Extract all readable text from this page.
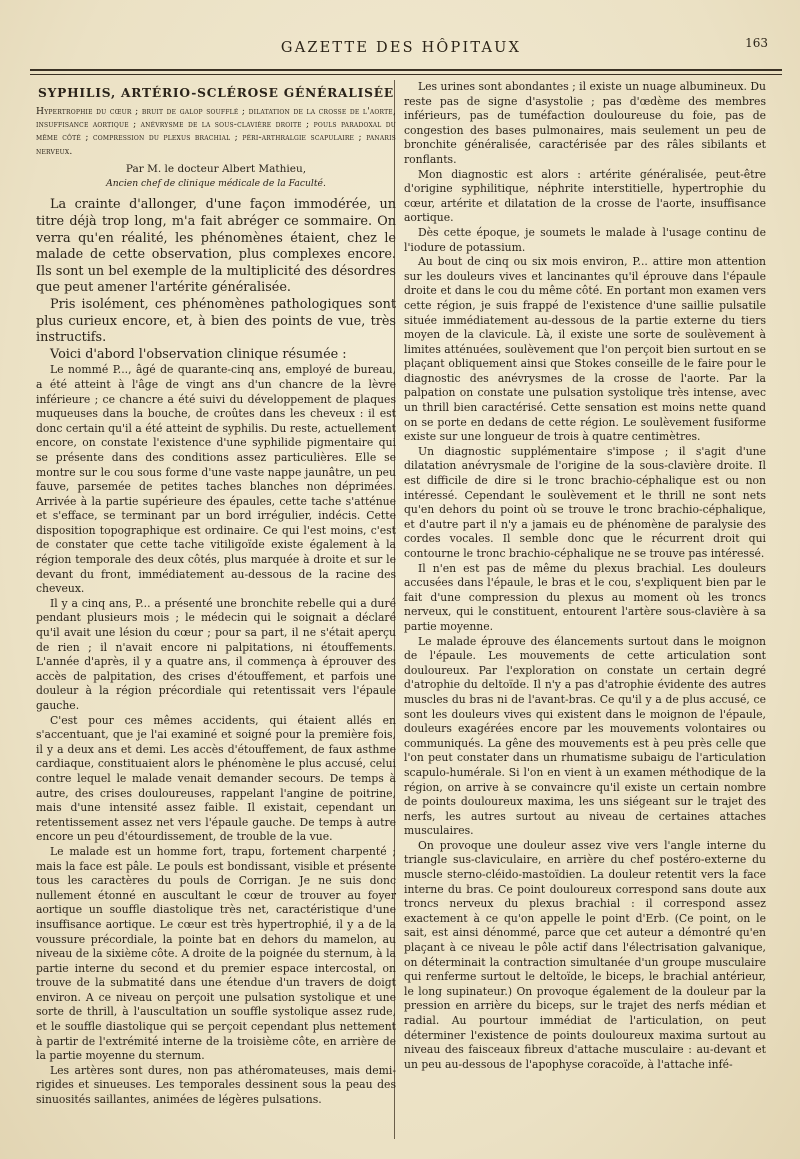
GAZETTE DES HÔPITAUX	163
SYPHILIS, ARTÉRIO-SCLÉROSE GÉNÉRALISÉE
Hypertrophie du cœur ; bruit de galop soufflé ; dilatation de la crosse de l'aorte, insuffisance aortique ; anévrysme de la sous-clavière droite ; pouls paradoxal du même côté ; compression du plexus brachial ; péri-arthralgie scapulaire ; panaris nerveux.
Par M. le docteur Albert Mathieu,
Ancien chef de clinique médicale de la Faculté.

La crainte d'allonger, d'une façon immodérée, un titre déjà trop long, m'a fait abréger ce sommaire. On verra qu'en réalité, les phénomènes étaient, chez le malade de cette observation, plus complexes encore. Ils sont un bel exemple de la multiplicité des désordres que peut amener l'artérite généralisée.

Pris isolément, ces phénomènes pathologiques sont plus curieux encore, et, à bien des points de vue, très instructifs.

Voici d'abord l'observation clinique résumée :

Le nommé P..., âgé de quarante-cinq ans, employé de bureau, a été atteint à l'âge de vingt ans d'un chancre de la lèvre inférieure ; ce chancre a été suivi du développement de plaques muqueuses dans la bouche, de croûtes dans les cheveux : il est donc certain qu'il a été atteint de syphilis. Du reste, actuellement encore, on constate l'existence d'une syphilide pigmentaire qui se présente dans des conditions assez particulières. Elle se montre sur le cou sous forme d'une vaste nappe jaunâtre, un peu fauve, parsemée de petites taches blanches non déprimées. Arrivée à la partie supérieure des épaules, cette tache s'atténue et s'efface, se terminant par un bord irrégulier, indécis. Cette disposition topographique est ordinaire. Ce qui l'est moins, c'est de constater que cette tache vitiligoïde existe également à la région temporale des deux côtés, plus marquée à droite et sur le devant du front, immédiatement au-dessous de la racine des cheveux.

Il y a cinq ans, P... a présenté une bronchite rebelle qui a duré pendant plusieurs mois ; le médecin qui le soignait a déclaré qu'il avait une lésion du cœur ; pour sa part, il ne s'était aperçu de rien ; il n'avait encore ni palpitations, ni étouffements. L'année d'après, il y a quatre ans, il commença à éprouver des accès de palpitation, des crises d'étouffement, et parfois une douleur à la région précordiale qui retentissait vers l'épaule gauche.

C'est pour ces mêmes accidents, qui étaient allés en s'accentuant, que je l'ai examiné et soigné pour la première fois, il y a deux ans et demi. Les accès d'étouffement, de faux asthme cardiaque, constituaient alors le phénomène le plus accusé, celui contre lequel le malade venait demander secours. De temps à autre, des crises douloureuses, rappelant l'angine de poitrine, mais d'une intensité assez faible. Il existait, cependant un retentissement assez net vers l'épaule gauche. De temps à autre encore un peu d'étourdissement, de trouble de la vue.

Le malade est un homme fort, trapu, fortement charpenté ; mais la face est pâle. Le pouls est bondissant, visible et présente tous les caractères du pouls de Corrigan. Je ne suis donc nullement étonné en auscultant le cœur de trouver au foyer aortique un souffle diastolique très net, caractéristique d'une insuffisance aortique. Le cœur est très hypertrophié, il y a de la voussure précordiale, la pointe bat en dehors du mamelon, au niveau de la sixième côte. A droite de la poignée du sternum, à la partie interne du second et du premier espace intercostal, on trouve de la submatité dans une étendue d'un travers de doigt environ. A ce niveau on perçoit une pulsation systolique et une sorte de thrill, à l'auscultation un souffle systolique assez rude, et le souffle diastolique qui se perçoit cependant plus nettement à partir de l'extrémité interne de la troisième côte, en arrière de la partie moyenne du sternum.

Les artères sont dures, non pas athéromateuses, mais demi-rigides et sinueuses. Les temporales dessinent sous la peau des sinuosités saillantes, animées de légères pulsations.

Les urines sont abondantes ; il existe un nuage albumineux. Du reste pas de signe d'asystolie ; pas d'œdème des membres inférieurs, pas de tuméfaction douloureuse du foie, pas de congestion des bases pulmonaires, mais seulement un peu de bronchite généralisée, caractérisée par des râles sibilants et ronflants.

Mon diagnostic est alors : artérite généralisée, peut-être d'origine syphilitique, néphrite interstitielle, hypertrophie du cœur, artérite et dilatation de la crosse de l'aorte, insuffisance aortique.

Dès cette époque, je soumets le malade à l'usage continu de l'iodure de potassium.

Au bout de cinq ou six mois environ, P... attire mon attention sur les douleurs vives et lancinantes qu'il éprouve dans l'épaule droite et dans le cou du même côté. En portant mon examen vers cette région, je suis frappé de l'existence d'une saillie pulsatile située immédiatement au-dessous de la partie externe du tiers moyen de la clavicule. Là, il existe une sorte de soulèvement à limites atténuées, soulèvement que l'on perçoit bien surtout en se plaçant obliquement ainsi que Stokes conseille de le faire pour le diagnostic des anévrysmes de la crosse de l'aorte. Par la palpation on constate une pulsation systolique très intense, avec un thrill bien caractérisé. Cette sensation est moins nette quand on se porte en dedans de cette région. Le soulèvement fusiforme existe sur une longueur de trois à quatre centimètres.

Un diagnostic supplémentaire s'impose ; il s'agit d'une dilatation anévrysmale de l'origine de la sous-clavière droite. Il est difficile de dire si le tronc brachio-céphalique est ou non intéressé. Cependant le soulèvement et le thrill ne sont nets qu'en dehors du point où se trouve le tronc brachio-céphalique, et d'autre part il n'y a jamais eu de phénomène de paralysie des cordes vocales. Il semble donc que le récurrent droit qui contourne le tronc brachio-céphalique ne se trouve pas intéressé.

Il n'en est pas de même du plexus brachial. Les douleurs accusées dans l'épaule, le bras et le cou, s'expliquent bien par le fait d'une compression du plexus au moment où les troncs nerveux, qui le constituent, entourent l'artère sous-clavière à sa partie moyenne.

Le malade éprouve des élancements surtout dans le moignon de l'épaule. Les mouvements de cette articulation sont douloureux. Par l'exploration on constate un certain degré d'atrophie du deltoïde. Il n'y a pas d'atrophie évidente des autres muscles du bras ni de l'avant-bras. Ce qu'il y a de plus accusé, ce sont les douleurs vives qui existent dans le moignon de l'épaule, douleurs exagérées encore par les mouvements volontaires ou communiqués. La gêne des mouvements est à peu près celle que l'on peut constater dans un rhumatisme subaigu de l'articulation scapulo-humérale. Si l'on en vient à un examen méthodique de la région, on arrive à se convaincre qu'il existe un certain nombre de points douloureux maxima, les uns siégeant sur le trajet des nerfs, les autres surtout au niveau de certaines attaches musculaires.

On provoque une douleur assez vive vers l'angle interne du triangle sus-claviculaire, en arrière du chef postéro-externe du muscle sterno-cléido-mastoïdien. La douleur retentit vers la face interne du bras. Ce point douloureux correspond sans doute aux troncs nerveux du plexus brachial : il correspond assez exactement à ce qu'on appelle le point d'Erb. (Ce point, on le sait, est ainsi dénommé, parce que cet auteur a démontré qu'en plaçant à ce niveau le pôle actif dans l'électrisation galvanique, on déterminait la contraction simultanée d'un groupe musculaire qui renferme surtout le deltoïde, le biceps, le brachial antérieur, le long supinateur.) On provoque également de la douleur par la pression en arrière du biceps, sur le trajet des nerfs médian et radial. Au pourtour immédiat de l'articulation, on peut déterminer l'existence de points douloureux maxima surtout au niveau des faisceaux fibreux d'attache musculaire : au-devant et un peu au-dessous de l'apophyse coracoïde, à l'attache infé-
